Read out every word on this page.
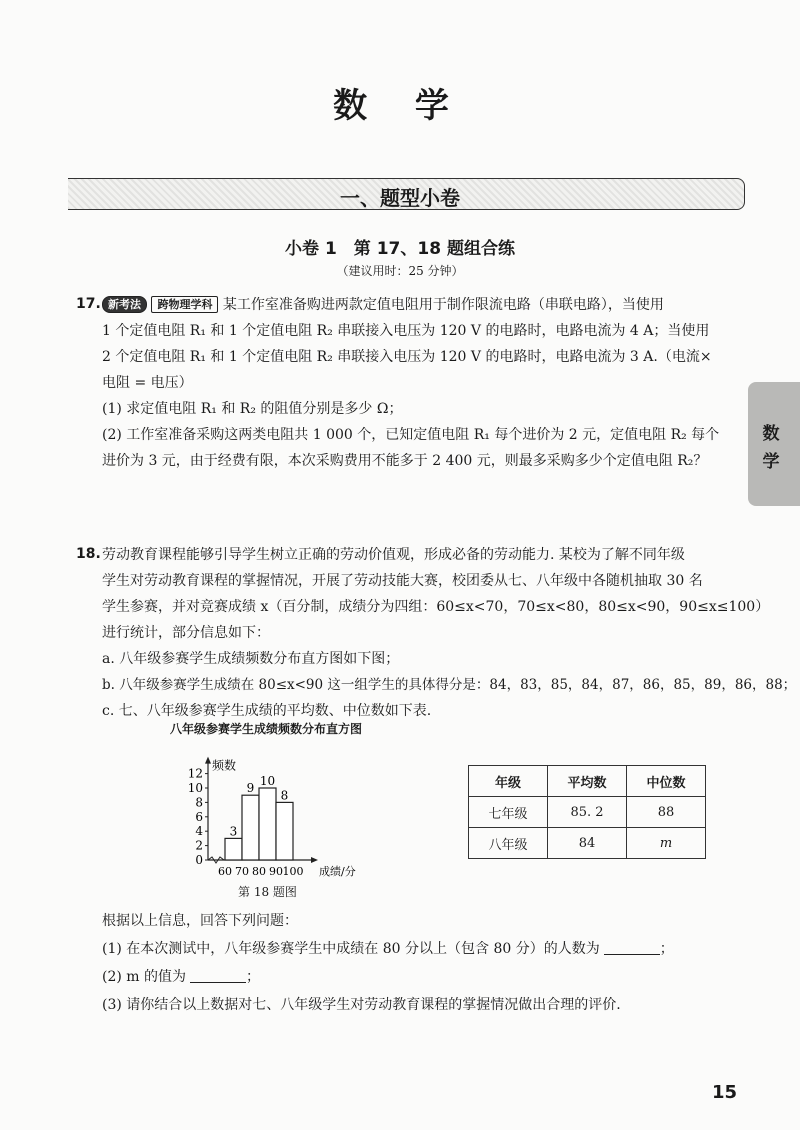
数 学
一、题型小卷
小卷 1　第 17、18 题组合练
（建议用时：25 分钟）
数
学
17. 新考法 跨物理学科 某工作室准备购进两款定值电阻用于制作限流电路（串联电路），当使用
1 个定值电阻 R₁ 和 1 个定值电阻 R₂ 串联接入电压为 120 V 的电路时，电路电流为 4 A；当使用
2 个定值电阻 R₁ 和 1 个定值电阻 R₂ 串联接入电压为 120 V 的电路时，电路电流为 3 A.（电流×
电阻 = 电压）
(1) 求定值电阻 R₁ 和 R₂ 的阻值分别是多少 Ω；
(2) 工作室准备采购这两类电阻共 1 000 个，已知定值电阻 R₁ 每个进价为 2 元，定值电阻 R₂ 每个
进价为 3 元，由于经费有限，本次采购费用不能多于 2 400 元，则最多采购多少个定值电阻 R₂？
18. 劳动教育课程能够引导学生树立正确的劳动价值观，形成必备的劳动能力. 某校为了解不同年级
学生对劳动教育课程的掌握情况，开展了劳动技能大赛，校团委从七、八年级中各随机抽取 30 名
学生参赛，并对竞赛成绩 x（百分制，成绩分为四组：60≤x<70，70≤x<80，80≤x<90，90≤x≤100）
进行统计，部分信息如下：
a. 八年级参赛学生成绩频数分布直方图如下图；
b. 八年级参赛学生成绩在 80≤x<90 这一组学生的具体得分是：84，83，85，84，87，86，85，89，86，88；
c. 七、八年级参赛学生成绩的平均数、中位数如下表.
八年级参赛学生成绩频数分布直方图
0
2
4
6
8
10
12
频数
3
9
10
8
60 70 80 90 100 成绩/分
第 18 题图
年级	平均数	中位数
七年级	85. 2	88
八年级	84	m
根据以上信息，回答下列问题：
(1) 在本次测试中，八年级参赛学生中成绩在 80 分以上（包含 80 分）的人数为	；
(2) m 的值为	；
(3) 请你结合以上数据对七、八年级学生对劳动教育课程的掌握情况做出合理的评价.
15
